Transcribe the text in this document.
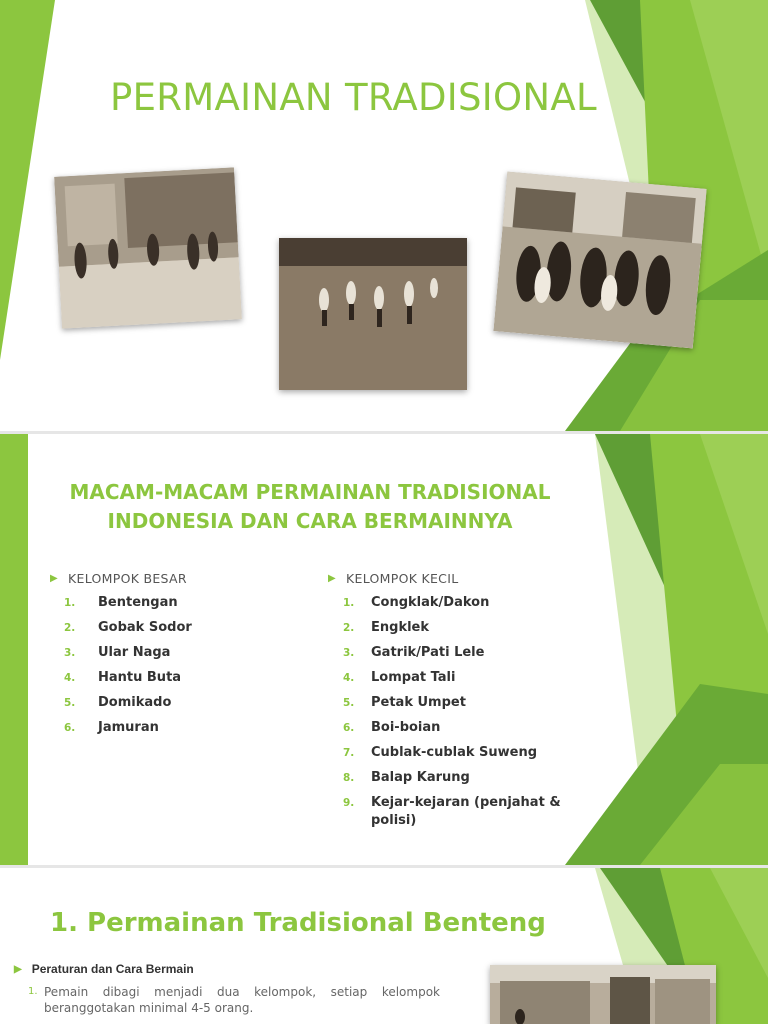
PERMAINAN TRADISIONAL
MACAM-MACAM PERMAINAN TRADISIONAL INDONESIA DAN CARA BERMAINNYA
▶ KELOMPOK BESAR
1.	Bentengan
2.	Gobak Sodor
3.	Ular Naga
4.	Hantu Buta
5.	Domikado
6.	Jamuran
▶ KELOMPOK KECIL
1.	Congklak/Dakon
2.	Engklek
3.	Gatrik/Pati Lele
4.	Lompat Tali
5.	Petak Umpet
6.	Boi-boian
7.	Cublak-cublak Suweng
8.	Balap Karung
9.	Kejar-kejaran (penjahat & polisi)
1. Permainan Tradisional Benteng
▶ Peraturan dan Cara Bermain
1. Pemain dibagi menjadi dua kelompok, setiap kelompok beranggotakan minimal 4-5 orang.
